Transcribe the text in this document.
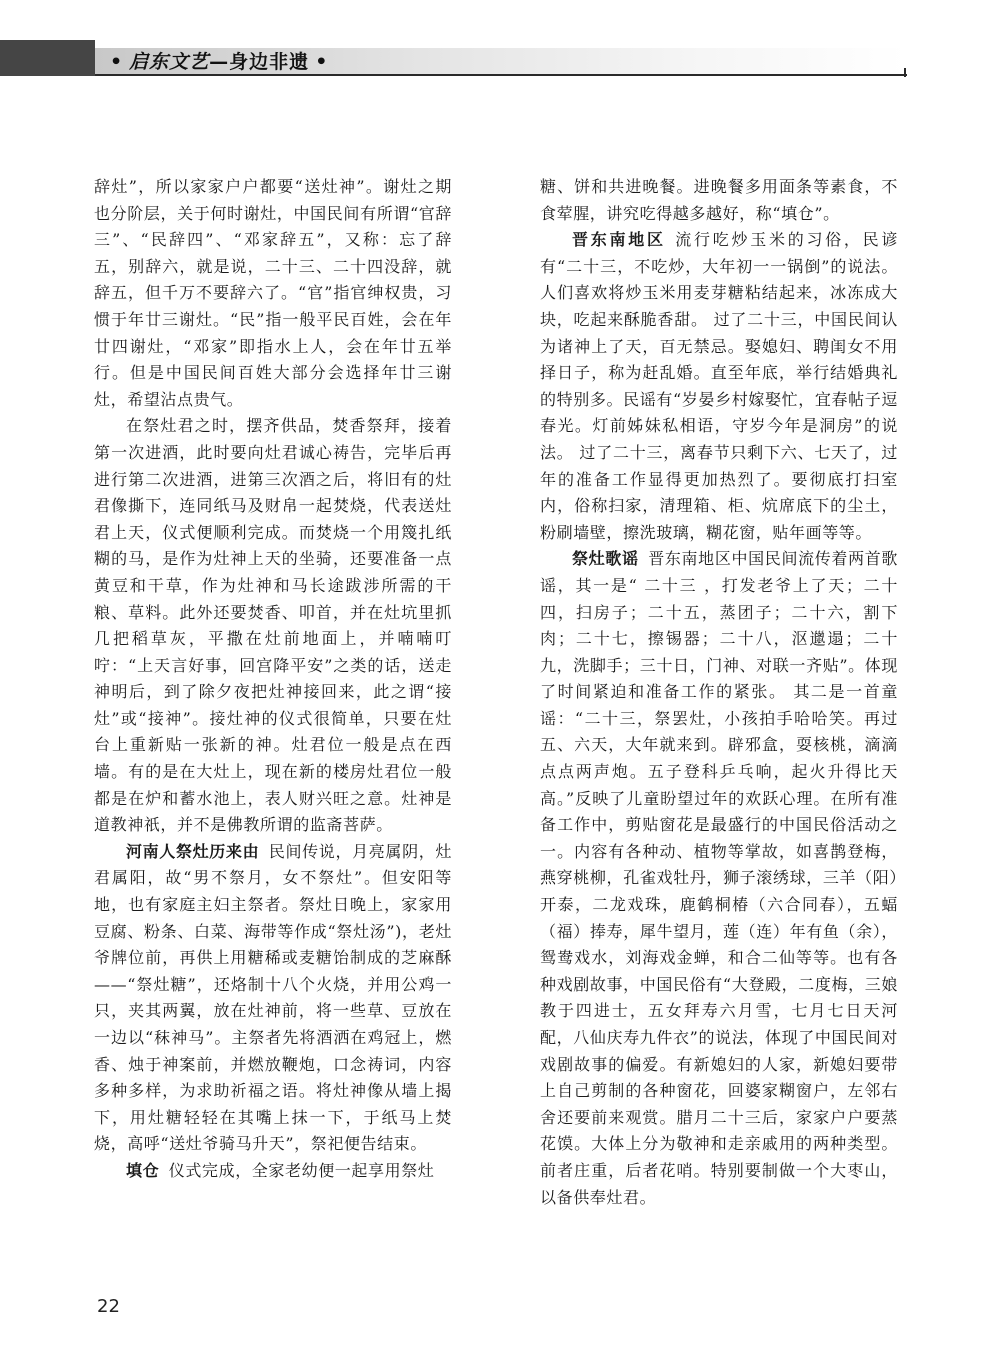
• 启东文艺—身边非遗 •

辞灶”，所以家家户户都要“送灶神”。谢灶之期也分阶层，关于何时谢灶，中国民间有所谓“官辞三”、“民辞四”、“邓家辞五”，又称：忘了辞五，别辞六，就是说，二十三、二十四没辞，就辞五，但千万不要辞六了。“官”指官绅权贵，习惯于年廿三谢灶。“民”指一般平民百姓，会在年廿四谢灶，“邓家”即指水上人，会在年廿五举行。但是中国民间百姓大部分会选择年廿三谢灶，希望沾点贵气。

在祭灶君之时，摆齐供品，焚香祭拜，接着第一次进酒，此时要向灶君诚心祷告，完毕后再进行第二次进酒，进第三次酒之后，将旧有的灶君像撕下，连同纸马及财帛一起焚烧，代表送灶君上天，仪式便顺利完成。而焚烧一个用篾扎纸糊的马，是作为灶神上天的坐骑，还要准备一点黄豆和干草，作为灶神和马长途跋涉所需的干粮、草料。此外还要焚香、叩首，并在灶坑里抓几把稻草灰，平撒在灶前地面上，并喃喃叮咛：“上天言好事，回宫降平安”之类的话，送走神明后，到了除夕夜把灶神接回来，此之谓“接灶”或“接神”。接灶神的仪式很简单，只要在灶台上重新贴一张新的神。灶君位一般是点在西墙。有的是在大灶上，现在新的楼房灶君位一般都是在炉和蓄水池上，表人财兴旺之意。灶神是道教神祇，并不是佛教所谓的监斋菩萨。

河南人祭灶历来由 民间传说，月亮属阴，灶君属阳，故“男不祭月，女不祭灶”。但安阳等地，也有家庭主妇主祭者。祭灶日晚上，家家用豆腐、粉条、白菜、海带等作成“祭灶汤”)，老灶爷牌位前，再供上用糖稀或麦糖饴制成的芝麻酥——“祭灶糖”，还烙制十八个火烧，并用公鸡一只，夹其两翼，放在灶神前，将一些草、豆放在一边以“秣神马”。主祭者先将酒洒在鸡冠上，燃香、烛于神案前，并燃放鞭炮，口念祷词，内容多种多样，为求助祈福之语。将灶神像从墙上揭下，用灶糖轻轻在其嘴上抹一下，于纸马上焚烧，高呼“送灶爷骑马升天”，祭祀便告结束。

填仓 仪式完成，全家老幼便一起享用祭灶

糖、饼和共进晚餐。进晚餐多用面条等素食，不食荤腥，讲究吃得越多越好，称“填仓”。

晋东南地区 流行吃炒玉米的习俗，民谚有“二十三，不吃炒，大年初一一锅倒”的说法。人们喜欢将炒玉米用麦芽糖粘结起来，冰冻成大块，吃起来酥脆香甜。 过了二十三，中国民间认为诸神上了天，百无禁忌。娶媳妇、聘闺女不用择日子，称为赶乱婚。直至年底，举行结婚典礼的特别多。民谣有“岁晏乡村嫁娶忙，宜春帖子逗春光。灯前姊妹私相语，守岁今年是洞房”的说法。 过了二十三，离春节只剩下六、七天了，过年的准备工作显得更加热烈了。要彻底打扫室内，俗称扫家，清理箱、柜、炕席底下的尘土，粉刷墙壁，擦洗玻璃，糊花窗，贴年画等等。

祭灶歌谣 晋东南地区中国民间流传着两首歌谣，其一是“ 二十三 ，打发老爷上了天；二十四，扫房子；二十五，蒸团子；二十六，割下肉；二十七，擦锡器；二十八，沤邋遢；二十九，洗脚手；三十日，门神、对联一齐贴”。体现了时间紧迫和准备工作的紧张。 其二是一首童谣：“二十三，祭罢灶，小孩拍手哈哈笑。再过五、六天，大年就来到。辟邪盒，耍核桃，滴滴点点两声炮。五子登科乒乓响，起火升得比天高。”反映了儿童盼望过年的欢跃心理。在所有准备工作中，剪贴窗花是最盛行的中国民俗活动之一。内容有各种动、植物等掌故，如喜鹊登梅，燕穿桃柳，孔雀戏牡丹，狮子滚绣球，三羊（阳）开泰，二龙戏珠，鹿鹤桐椿（六合同春），五蝠（福）捧寿，犀牛望月，莲（连）年有鱼（余），鸳鸯戏水，刘海戏金蝉，和合二仙等等。也有各种戏剧故事，中国民俗有“大登殿，二度梅，三娘教于四进士，五女拜寿六月雪，七月七日天河配，八仙庆寿九件衣”的说法，体现了中国民间对戏剧故事的偏爱。有新媳妇的人家，新媳妇要带上自己剪制的各种窗花，回婆家糊窗户，左邻右舍还要前来观赏。腊月二十三后，家家户户要蒸花馍。大体上分为敬神和走亲戚用的两种类型。前者庄重，后者花哨。特别要制做一个大枣山，以备供奉灶君。

22
